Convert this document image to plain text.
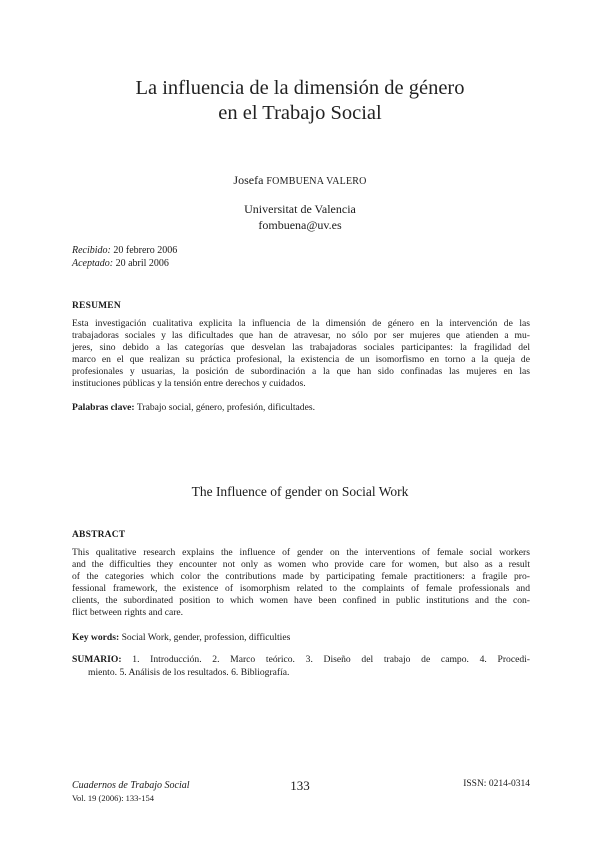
La influencia de la dimensión de género
en el Trabajo Social
Josefa FOMBUENA VALERO
Universitat de Valencia
fombuena@uv.es
Recibido: 20 febrero 2006
Aceptado: 20 abril 2006
RESUMEN
Esta investigación cualitativa explicita la influencia de la dimensión de género en la intervención de las
trabajadoras sociales y las dificultades que han de atravesar, no sólo por ser mujeres que atienden a mu-
jeres, sino debido a las categorías que desvelan las trabajadoras sociales participantes: la fragilidad del
marco en el que realizan su práctica profesional, la existencia de un isomorfismo en torno a la queja de
profesionales y usuarias, la posición de subordinación a la que han sido confinadas las mujeres en las
instituciones públicas y la tensión entre derechos y cuidados.
Palabras clave: Trabajo social, género, profesión, dificultades.
The Influence of gender on Social Work
ABSTRACT
This qualitative research explains the influence of gender on the interventions of female social workers
and the difficulties they encounter not only as women who provide care for women, but also as a result
of the categories which color the contributions made by participating female practitioners: a fragile pro-
fessional framework, the existence of isomorphism related to the complaints of female professionals and
clients, the subordinated position to which women have been confined in public institutions and the con-
flict between rights and care.
Key words: Social Work, gender, profession, difficulties
SUMARIO: 1. Introducción. 2. Marco teórico. 3. Diseño del trabajo de campo. 4. Procedi-
miento. 5. Análisis de los resultados. 6. Bibliografía.
Cuadernos de Trabajo Social
Vol. 19 (2006): 133-154
133	ISSN: 0214-0314
